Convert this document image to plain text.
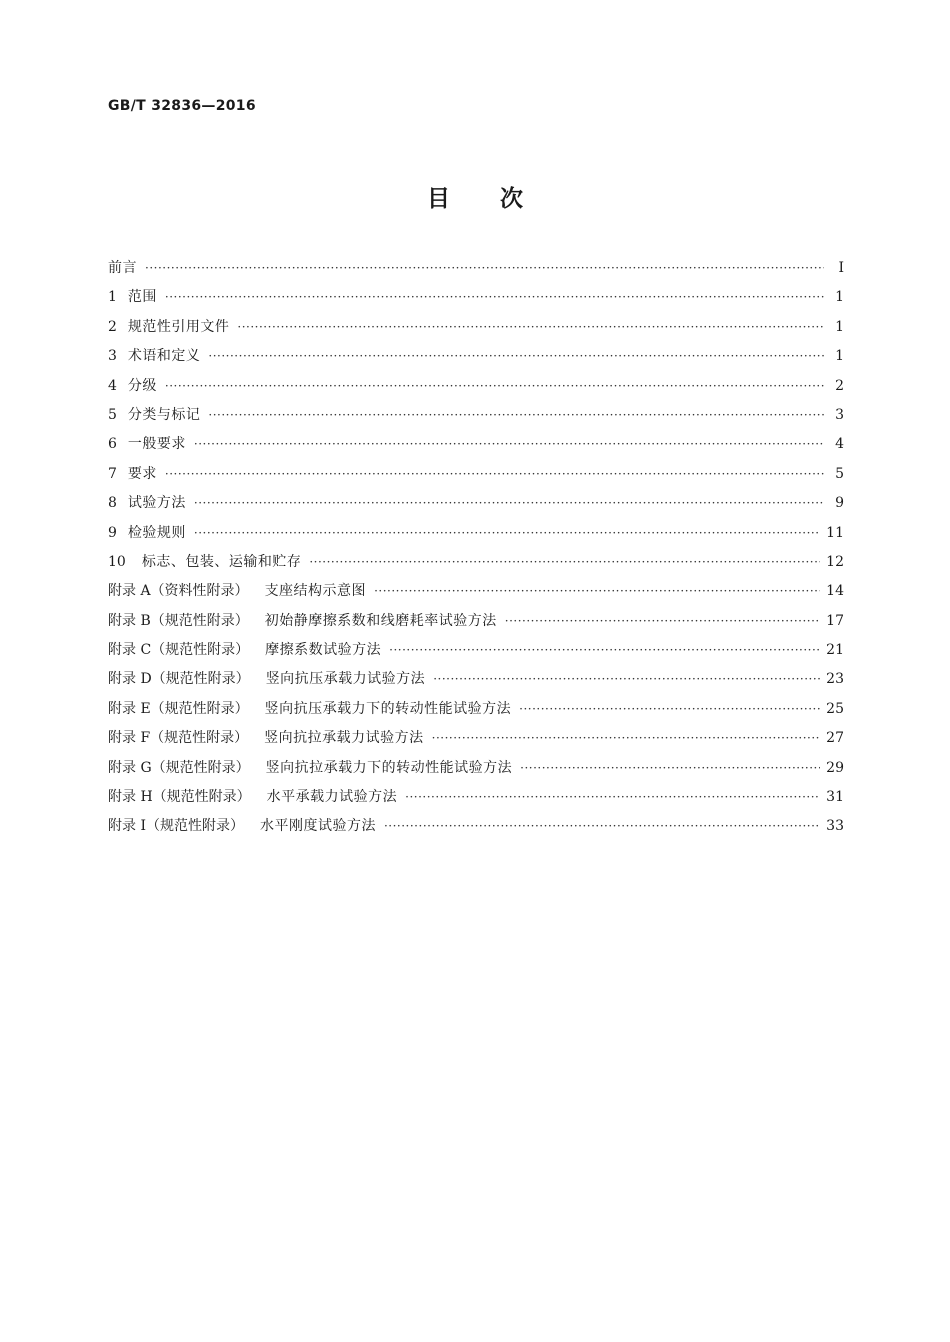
GB/T 32836—2016
目次
前言 ·····	Ⅰ
1 范围 ·····	1
2 规范性引用文件 ·····	1
3 术语和定义 ·····	1
4 分级 ·····	2
5 分类与标记 ·····	3
6 一般要求 ·····	4
7 要求 ·····	5
8 试验方法 ·····	9
9 检验规则 ·····	11
10 标志、包装、运输和贮存 ·····	12
附录 A（资料性附录） 支座结构示意图 ·····	14
附录 B（规范性附录） 初始静摩擦系数和线磨耗率试验方法 ·····	17
附录 C（规范性附录） 摩擦系数试验方法 ·····	21
附录 D（规范性附录） 竖向抗压承载力试验方法 ·····	23
附录 E（规范性附录） 竖向抗压承载力下的转动性能试验方法 ·····	25
附录 F（规范性附录） 竖向抗拉承载力试验方法 ·····	27
附录 G（规范性附录） 竖向抗拉承载力下的转动性能试验方法 ·····	29
附录 H（规范性附录） 水平承载力试验方法 ·····	31
附录 I（规范性附录） 水平刚度试验方法 ·····	33
